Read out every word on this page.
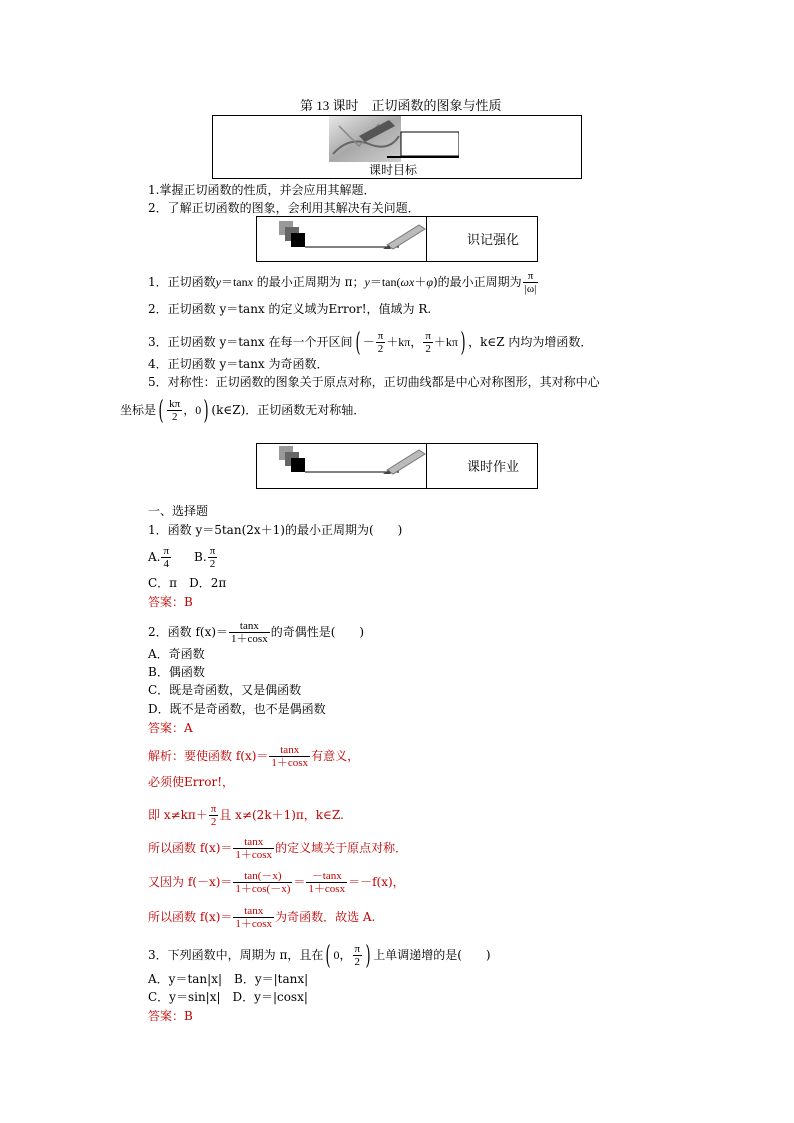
第 13 课时　正切函数的图象与性质
课时目标
1.掌握正切函数的性质，并会应用其解题．
2．了解正切函数的图象，会利用其解决有关问题．
识记强化
1．正切函数y＝tanx 的最小正周期为 π；y＝tan(ωx＋φ)的最小正周期为 $\frac{\pi}{|\omega|}$
2．正切函数 y＝tanx 的定义域为Error!，值域为 R.
3．正切函数 y＝tanx 在每一个开区间( － $\frac{\pi}{2} +k\pi$， $\frac{\pi}{2} +k\pi$) ，k∈Z 内均为增函数．
4．正切函数 y＝tanx 为奇函数．
5．对称性：正切函数的图象关于原点对称，正切曲线都是中心对称图形，其对称中心
坐标是( $\frac{k\pi}{2}$ ，0) (k∈Z)．正切函数无对称轴．
课时作业
一、选择题
1．函数 y＝5tan(2x＋1)的最小正周期为(　　)
A. $\frac{\pi}{4} B$. $\frac{\pi}{2}$
C．π　D．2π
答案：B
2．函数 $f(x)= \frac{\tan x}{1+\cos x}$ 的奇偶性是(　　)
A．奇函数
B．偶函数
C．既是奇函数，又是偶函数
D．既不是奇函数，也不是偶函数
答案：A
解析：要使函数 $f(x)= \frac{\tan x}{1+\cos x}$ 有意义，
必须使Error!，
即 $x\ne k\pi+ \frac{\pi}{2}$ 且 x≠(2k＋1)π，k∈Z.
所以函数 $f(x)= \frac{\tan x}{1+\cos x}$ 的定义域关于原点对称．
又因为 $f(-x)= \frac{\tan(-x)}{1+\cos(-x)} = \frac{-\tan x}{1+\cos x} =-f(x)$，
所以函数 $f(x)= \frac{\tan x}{1+\cos x}$ 为奇函数．故选 A.
3．下列函数中，周期为 π，且在( 0， $\frac{\pi}{2}$ ) 上单调递增的是(　　)
A．y＝tan|x|　B．y＝|tanx|
C．y＝sin|x|　D．y＝|cosx|
答案：B
